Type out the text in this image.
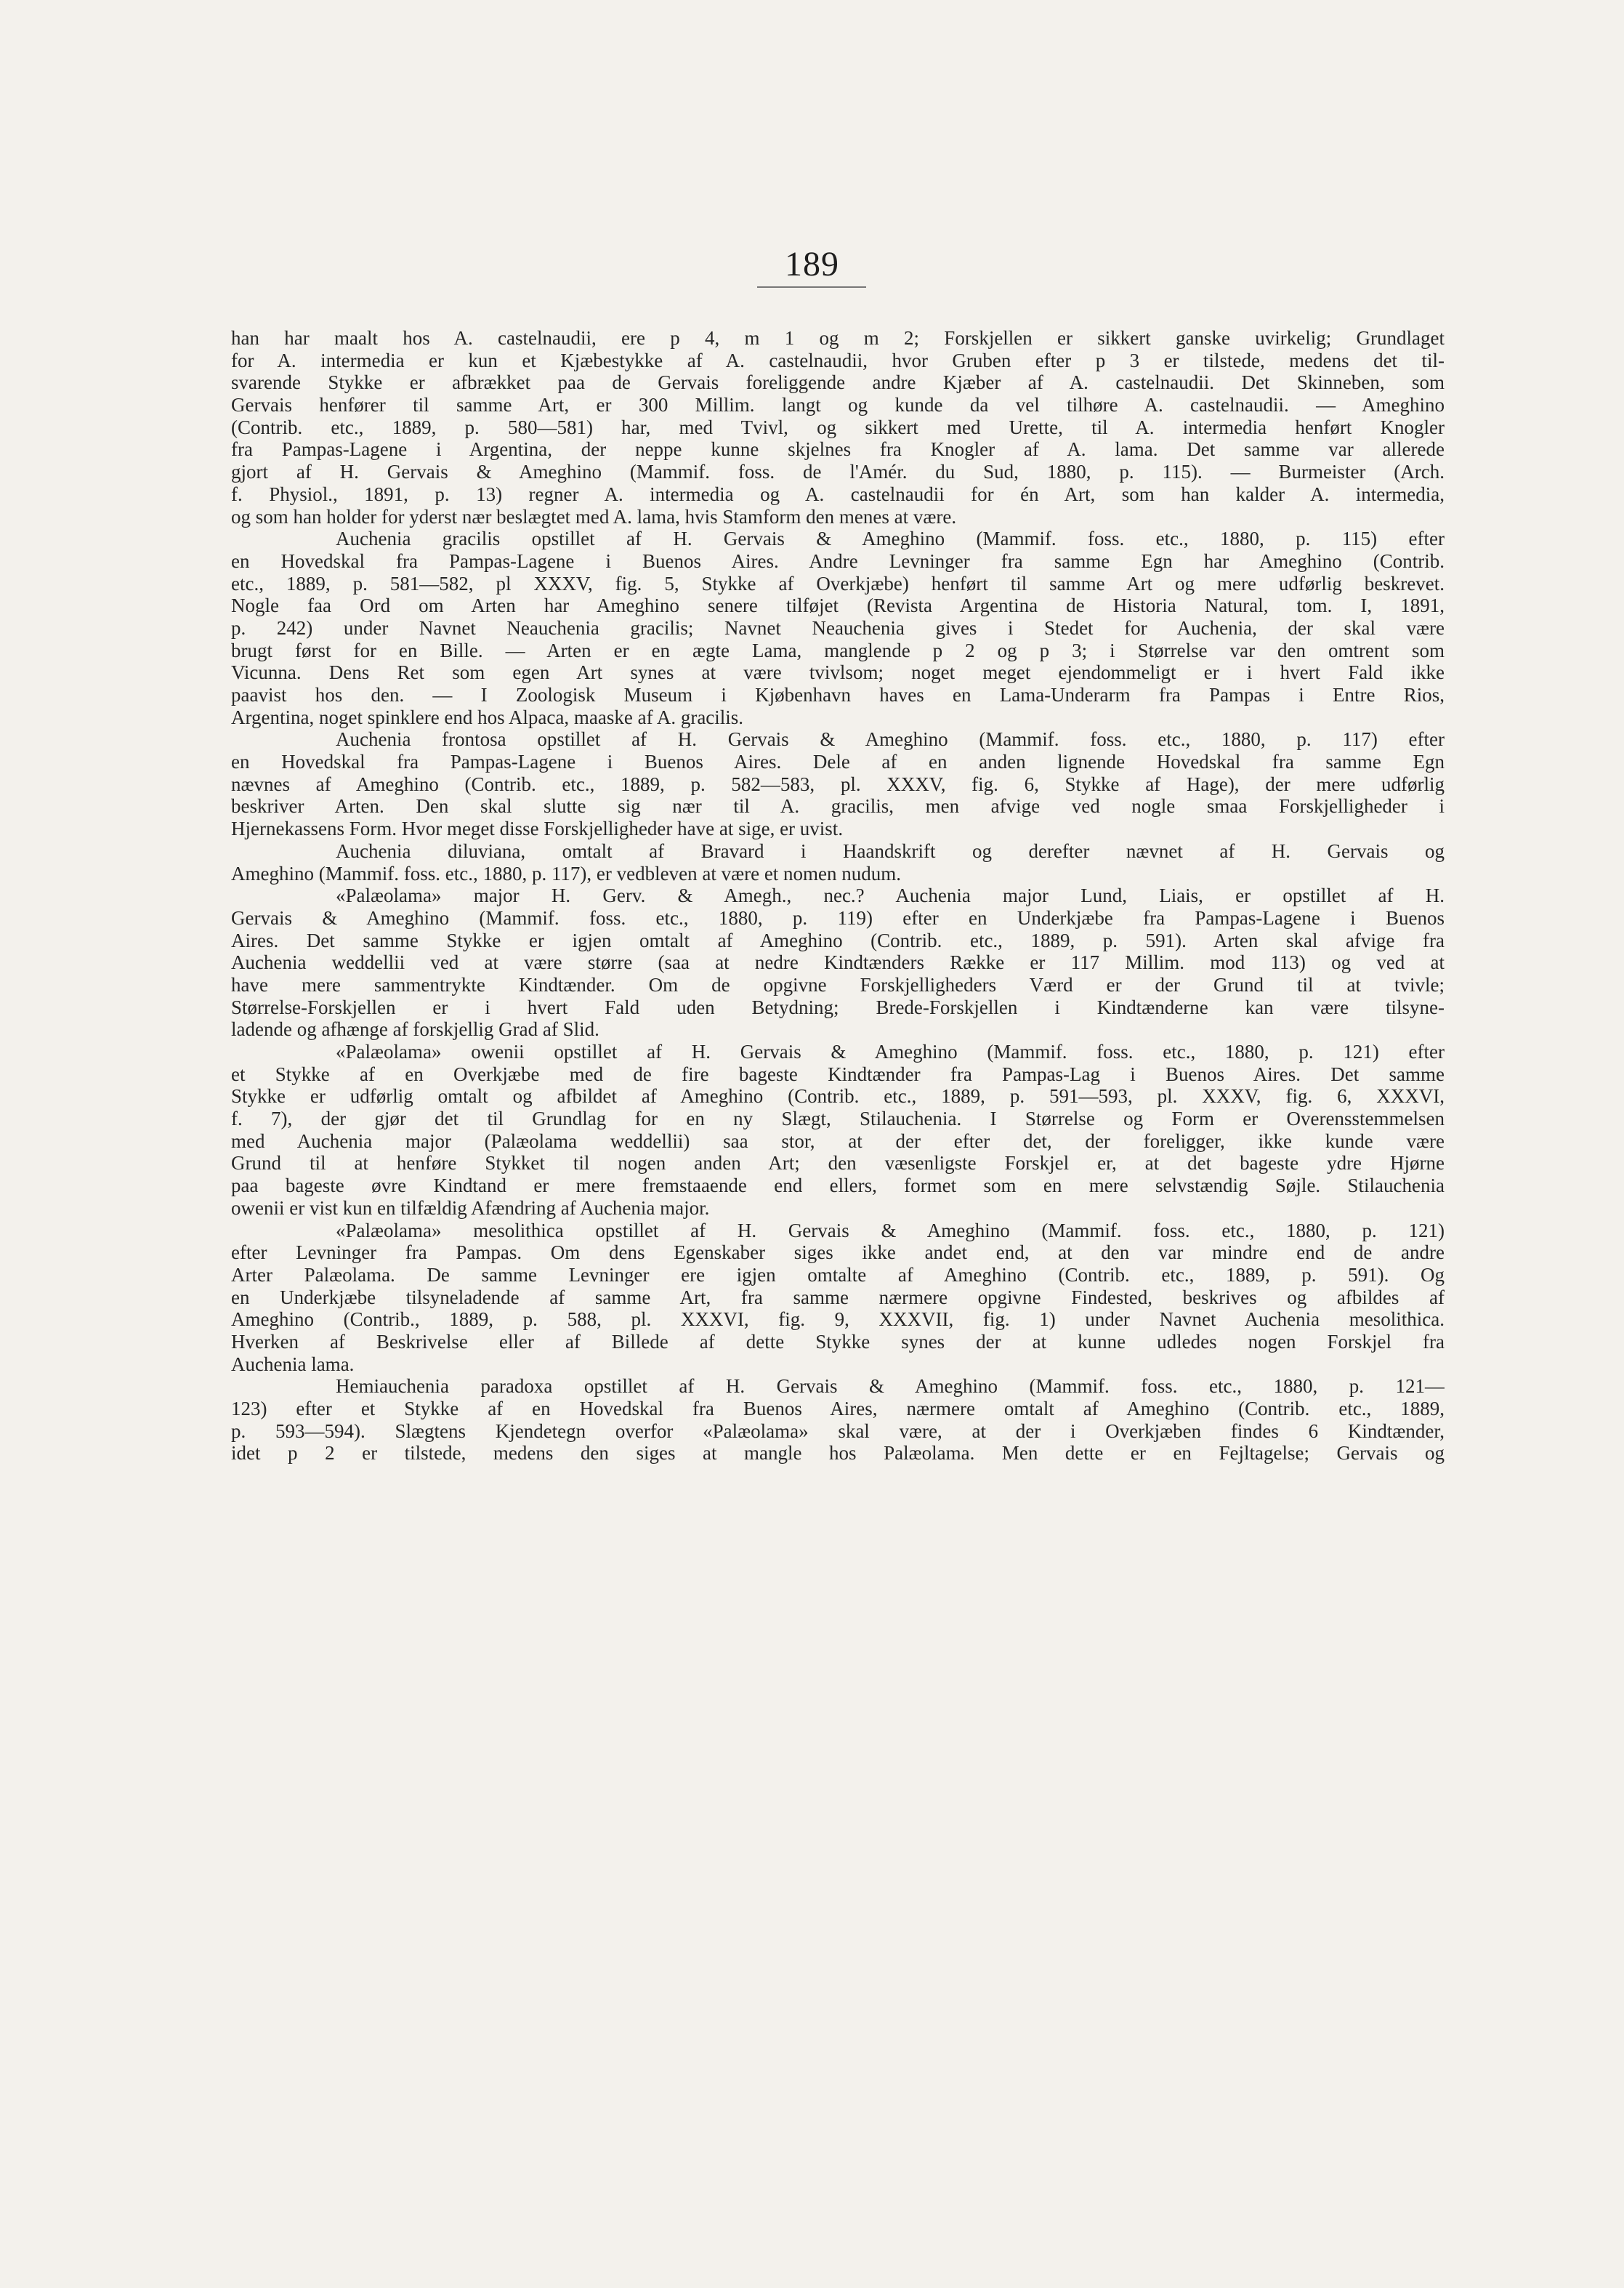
189
han har maalt hos A. castelnaudii, ere p 4, m 1 og m 2; Forskjellen er sikkert ganske uvirkelig; Grundlaget
for A. intermedia er kun et Kjæbestykke af A. castelnaudii, hvor Gruben efter p 3 er tilstede, medens det til-
svarende Stykke er afbrækket paa de Gervais foreliggende andre Kjæber af A. castelnaudii. Det Skinneben, som
Gervais henfører til samme Art, er 300 Millim. langt og kunde da vel tilhøre A. castelnaudii. — Ameghino
(Contrib. etc., 1889, p. 580—581) har, med Tvivl, og sikkert med Urette, til A. intermedia henført Knogler
fra Pampas-Lagene i Argentina, der neppe kunne skjelnes fra Knogler af A. lama. Det samme var allerede
gjort af H. Gervais & Ameghino (Mammif. foss. de l'Amér. du Sud, 1880, p. 115). — Burmeister (Arch.
f. Physiol., 1891, p. 13) regner A. intermedia og A. castelnaudii for én Art, som han kalder A. intermedia,
og som han holder for yderst nær beslægtet med A. lama, hvis Stamform den menes at være.
Auchenia gracilis opstillet af H. Gervais & Ameghino (Mammif. foss. etc., 1880, p. 115) efter
en Hovedskal fra Pampas-Lagene i Buenos Aires. Andre Levninger fra samme Egn har Ameghino (Contrib.
etc., 1889, p. 581—582, pl XXXV, fig. 5, Stykke af Overkjæbe) henført til samme Art og mere udførlig beskrevet.
Nogle faa Ord om Arten har Ameghino senere tilføjet (Revista Argentina de Historia Natural, tom. I, 1891,
p. 242) under Navnet Neauchenia gracilis; Navnet Neauchenia gives i Stedet for Auchenia, der skal være
brugt først for en Bille. — Arten er en ægte Lama, manglende p 2 og p 3; i Størrelse var den omtrent som
Vicunna. Dens Ret som egen Art synes at være tvivlsom; noget meget ejendommeligt er i hvert Fald ikke
paavist hos den. — I Zoologisk Museum i Kjøbenhavn haves en Lama-Underarm fra Pampas i Entre Rios,
Argentina, noget spinklere end hos Alpaca, maaske af A. gracilis.
Auchenia frontosa opstillet af H. Gervais & Ameghino (Mammif. foss. etc., 1880, p. 117) efter
en Hovedskal fra Pampas-Lagene i Buenos Aires. Dele af en anden lignende Hovedskal fra samme Egn
nævnes af Ameghino (Contrib. etc., 1889, p. 582—583, pl. XXXV, fig. 6, Stykke af Hage), der mere udførlig
beskriver Arten. Den skal slutte sig nær til A. gracilis, men afvige ved nogle smaa Forskjelligheder i
Hjernekassens Form. Hvor meget disse Forskjelligheder have at sige, er uvist.
Auchenia diluviana, omtalt af Bravard i Haandskrift og derefter nævnet af H. Gervais og
Ameghino (Mammif. foss. etc., 1880, p. 117), er vedbleven at være et nomen nudum.
«Palæolama» major H. Gerv. & Amegh., nec.? Auchenia major Lund, Liais, er opstillet af H.
Gervais & Ameghino (Mammif. foss. etc., 1880, p. 119) efter en Underkjæbe fra Pampas-Lagene i Buenos
Aires. Det samme Stykke er igjen omtalt af Ameghino (Contrib. etc., 1889, p. 591). Arten skal afvige fra
Auchenia weddellii ved at være større (saa at nedre Kindtænders Række er 117 Millim. mod 113) og ved at
have mere sammentrykte Kindtænder. Om de opgivne Forskjelligheders Værd er der Grund til at tvivle;
Størrelse-Forskjellen er i hvert Fald uden Betydning; Brede-Forskjellen i Kindtænderne kan være tilsyne-
ladende og afhænge af forskjellig Grad af Slid.
«Palæolama» owenii opstillet af H. Gervais & Ameghino (Mammif. foss. etc., 1880, p. 121) efter
et Stykke af en Overkjæbe med de fire bageste Kindtænder fra Pampas-Lag i Buenos Aires. Det samme
Stykke er udførlig omtalt og afbildet af Ameghino (Contrib. etc., 1889, p. 591—593, pl. XXXV, fig. 6, XXXVI,
f. 7), der gjør det til Grundlag for en ny Slægt, Stilauchenia. I Størrelse og Form er Overensstemmelsen
med Auchenia major (Palæolama weddellii) saa stor, at der efter det, der foreligger, ikke kunde være
Grund til at henføre Stykket til nogen anden Art; den væsenligste Forskjel er, at det bageste ydre Hjørne
paa bageste øvre Kindtand er mere fremstaaende end ellers, formet som en mere selvstændig Søjle. Stilauchenia
owenii er vist kun en tilfældig Afændring af Auchenia major.
«Palæolama» mesolithica opstillet af H. Gervais & Ameghino (Mammif. foss. etc., 1880, p. 121)
efter Levninger fra Pampas. Om dens Egenskaber siges ikke andet end, at den var mindre end de andre
Arter Palæolama. De samme Levninger ere igjen omtalte af Ameghino (Contrib. etc., 1889, p. 591). Og
en Underkjæbe tilsyneladende af samme Art, fra samme nærmere opgivne Findested, beskrives og afbildes af
Ameghino (Contrib., 1889, p. 588, pl. XXXVI, fig. 9, XXXVII, fig. 1) under Navnet Auchenia mesolithica.
Hverken af Beskrivelse eller af Billede af dette Stykke synes der at kunne udledes nogen Forskjel fra
Auchenia lama.
Hemiauchenia paradoxa opstillet af H. Gervais & Ameghino (Mammif. foss. etc., 1880, p. 121—
123) efter et Stykke af en Hovedskal fra Buenos Aires, nærmere omtalt af Ameghino (Contrib. etc., 1889,
p. 593—594). Slægtens Kjendetegn overfor «Palæolama» skal være, at der i Overkjæben findes 6 Kindtænder,
idet p 2 er tilstede, medens den siges at mangle hos Palæolama. Men dette er en Fejltagelse; Gervais og
